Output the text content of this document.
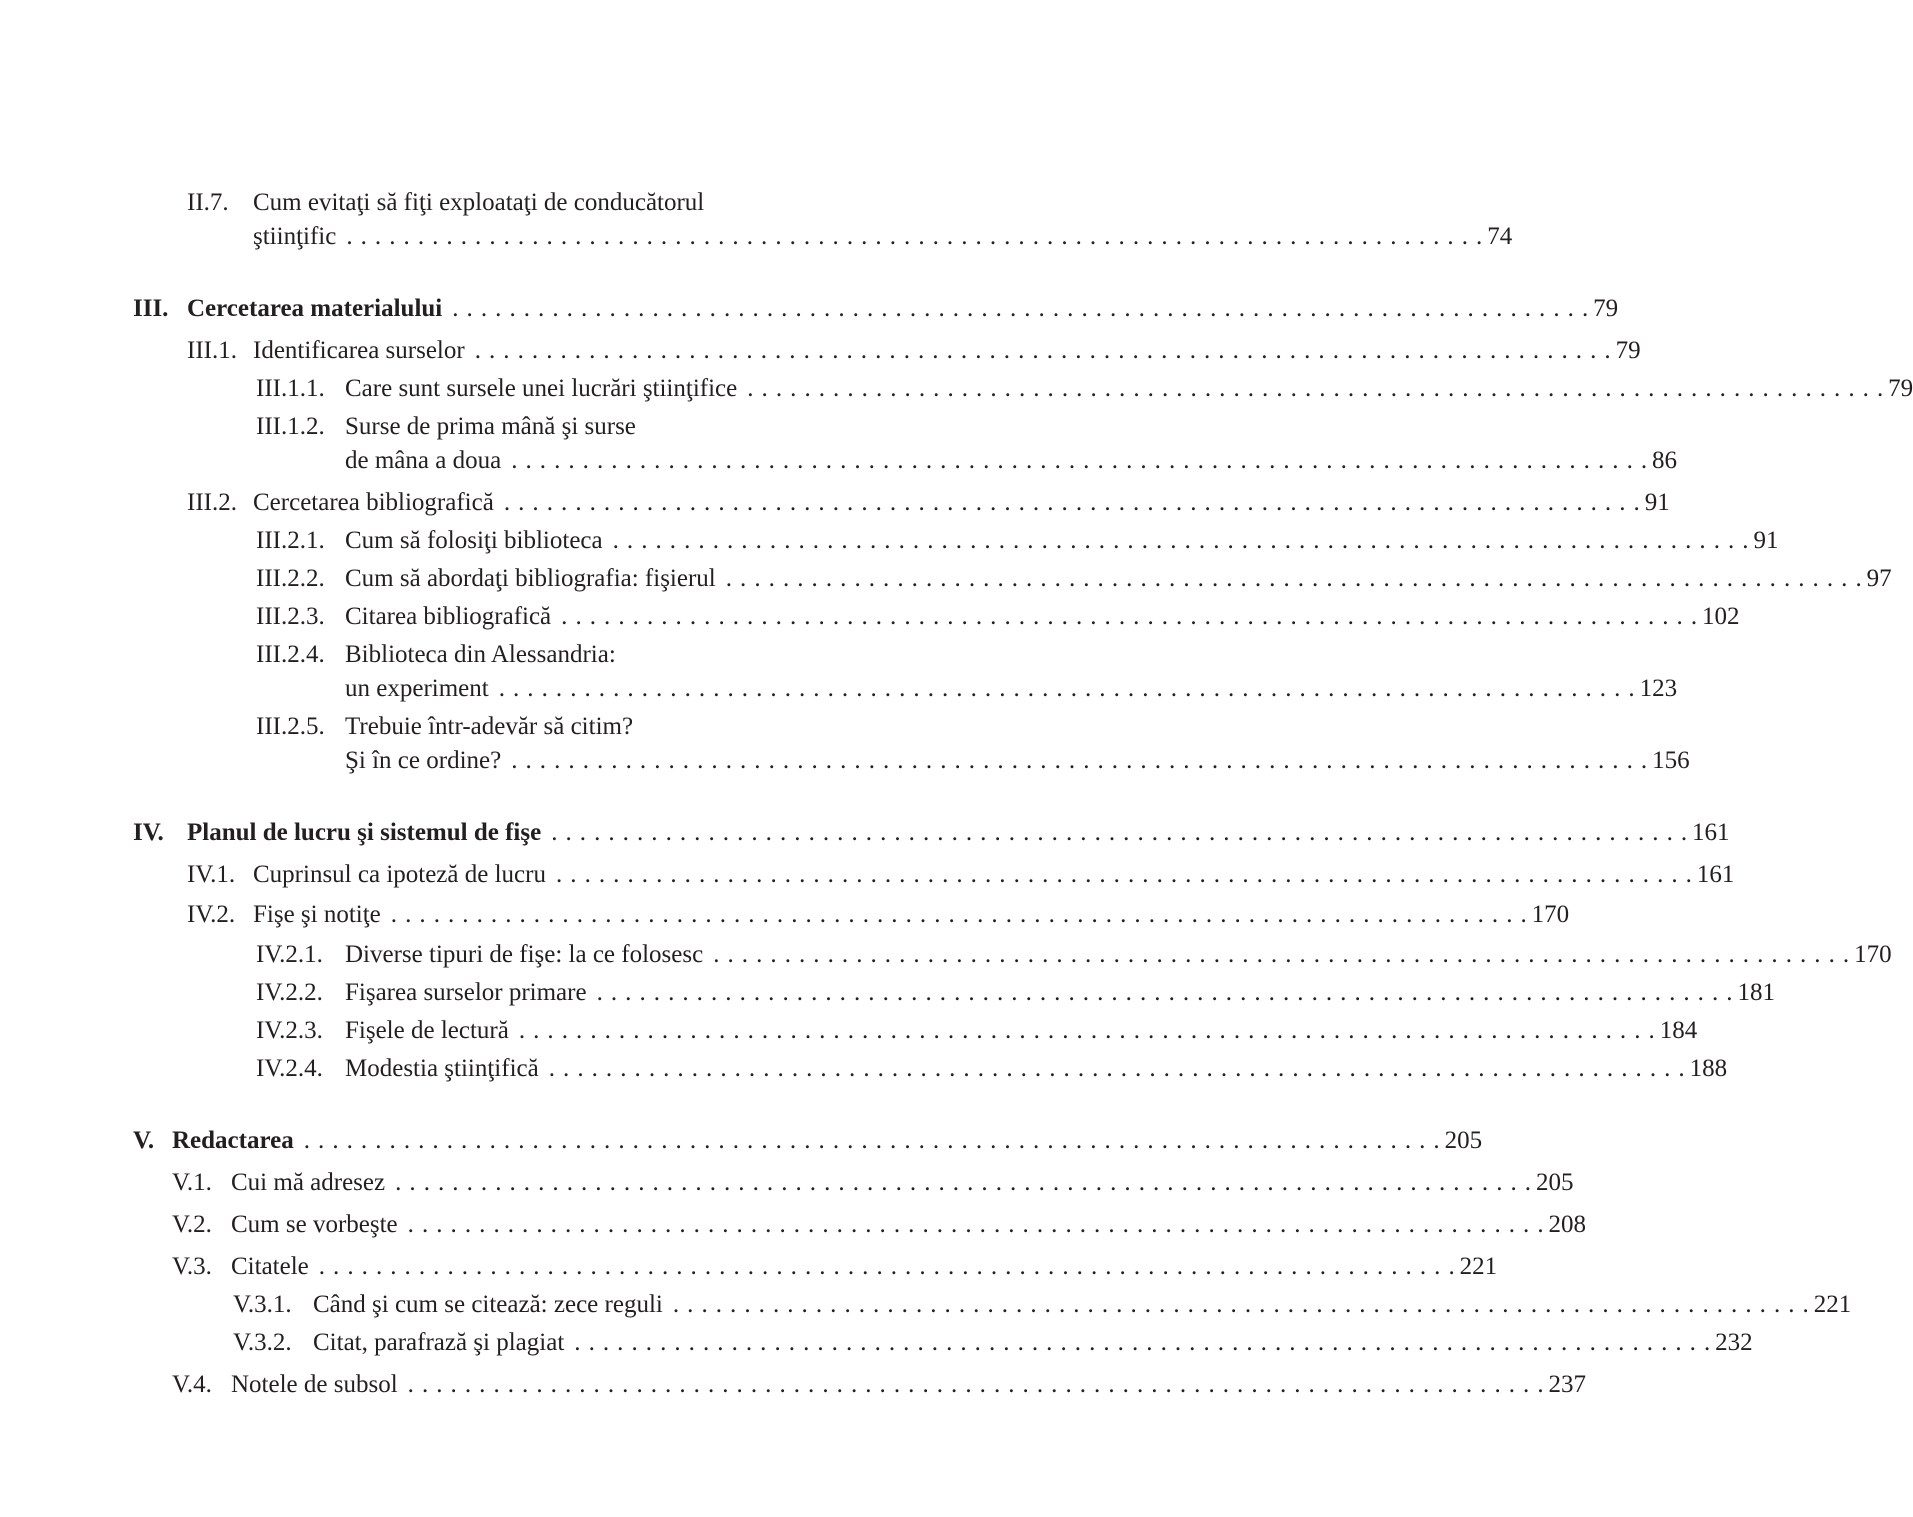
II.7. Cum evitaţi să fiţi exploataţi de conducătorul
ştiinţific . . . . . . . . . . . . . . . . . . . . . . . . . . . . . . . . . . . . . . . . . . . . . . . . . . . . . . . . . . . . . . . . . . . . . . . . . . . . . . . . 74
III. Cercetarea materialului . . . . . . . . . . . . . . . . . . . . . . . . . . . . . . . . . . . . . . . . . . . . . . . . . . . . . . . . . . . . . . . . . . . . . . . . . . . . . . . . 79
III.1. Identificarea surselor . . . . . . . . . . . . . . . . . . . . . . . . . . . . . . . . . . . . . . . . . . . . . . . . . . . . . . . . . . . . . . . . . . . . . . . . . . . . . . . . 79
III.1.1. Care sunt sursele unei lucrări ştiinţifice . . . . . . . . . . . . . . . . . . . . . . . . . . . . . . . . . . . . . . . . . . . . . . . . . . . . . . . . . . . . . . . . . . . . . . . . . . . . . . . . 79
III.1.2. Surse de prima mână şi surse
de mâna a doua . . . . . . . . . . . . . . . . . . . . . . . . . . . . . . . . . . . . . . . . . . . . . . . . . . . . . . . . . . . . . . . . . . . . . . . . . . . . . . . . 86
III.2. Cercetarea bibliografică . . . . . . . . . . . . . . . . . . . . . . . . . . . . . . . . . . . . . . . . . . . . . . . . . . . . . . . . . . . . . . . . . . . . . . . . . . . . . . . . 91
III.2.1. Cum să folosiţi biblioteca . . . . . . . . . . . . . . . . . . . . . . . . . . . . . . . . . . . . . . . . . . . . . . . . . . . . . . . . . . . . . . . . . . . . . . . . . . . . . . . . 91
III.2.2. Cum să abordaţi bibliografia: fişierul . . . . . . . . . . . . . . . . . . . . . . . . . . . . . . . . . . . . . . . . . . . . . . . . . . . . . . . . . . . . . . . . . . . . . . . . . . . . . . . . 97
III.2.3. Citarea bibliografică . . . . . . . . . . . . . . . . . . . . . . . . . . . . . . . . . . . . . . . . . . . . . . . . . . . . . . . . . . . . . . . . . . . . . . . . . . . . . . . . 102
III.2.4. Biblioteca din Alessandria:
un experiment . . . . . . . . . . . . . . . . . . . . . . . . . . . . . . . . . . . . . . . . . . . . . . . . . . . . . . . . . . . . . . . . . . . . . . . . . . . . . . . . 123
III.2.5. Trebuie într-adevăr să citim?
Şi în ce ordine? . . . . . . . . . . . . . . . . . . . . . . . . . . . . . . . . . . . . . . . . . . . . . . . . . . . . . . . . . . . . . . . . . . . . . . . . . . . . . . . . 156
IV. Planul de lucru şi sistemul de fişe . . . . . . . . . . . . . . . . . . . . . . . . . . . . . . . . . . . . . . . . . . . . . . . . . . . . . . . . . . . . . . . . . . . . . . . . . . . . . . . . 161
IV.1. Cuprinsul ca ipoteză de lucru . . . . . . . . . . . . . . . . . . . . . . . . . . . . . . . . . . . . . . . . . . . . . . . . . . . . . . . . . . . . . . . . . . . . . . . . . . . . . . . . 161
IV.2. Fişe şi notiţe . . . . . . . . . . . . . . . . . . . . . . . . . . . . . . . . . . . . . . . . . . . . . . . . . . . . . . . . . . . . . . . . . . . . . . . . . . . . . . . . 170
IV.2.1. Diverse tipuri de fişe: la ce folosesc . . . . . . . . . . . . . . . . . . . . . . . . . . . . . . . . . . . . . . . . . . . . . . . . . . . . . . . . . . . . . . . . . . . . . . . . . . . . . . . . 170
IV.2.2. Fişarea surselor primare . . . . . . . . . . . . . . . . . . . . . . . . . . . . . . . . . . . . . . . . . . . . . . . . . . . . . . . . . . . . . . . . . . . . . . . . . . . . . . . . 181
IV.2.3. Fişele de lectură . . . . . . . . . . . . . . . . . . . . . . . . . . . . . . . . . . . . . . . . . . . . . . . . . . . . . . . . . . . . . . . . . . . . . . . . . . . . . . . . 184
IV.2.4. Modestia ştiinţifică . . . . . . . . . . . . . . . . . . . . . . . . . . . . . . . . . . . . . . . . . . . . . . . . . . . . . . . . . . . . . . . . . . . . . . . . . . . . . . . . 188
V. Redactarea . . . . . . . . . . . . . . . . . . . . . . . . . . . . . . . . . . . . . . . . . . . . . . . . . . . . . . . . . . . . . . . . . . . . . . . . . . . . . . . . 205
V.1. Cui mă adresez . . . . . . . . . . . . . . . . . . . . . . . . . . . . . . . . . . . . . . . . . . . . . . . . . . . . . . . . . . . . . . . . . . . . . . . . . . . . . . . . 205
V.2. Cum se vorbeşte . . . . . . . . . . . . . . . . . . . . . . . . . . . . . . . . . . . . . . . . . . . . . . . . . . . . . . . . . . . . . . . . . . . . . . . . . . . . . . . . 208
V.3. Citatele . . . . . . . . . . . . . . . . . . . . . . . . . . . . . . . . . . . . . . . . . . . . . . . . . . . . . . . . . . . . . . . . . . . . . . . . . . . . . . . . 221
V.3.1. Când şi cum se citează: zece reguli . . . . . . . . . . . . . . . . . . . . . . . . . . . . . . . . . . . . . . . . . . . . . . . . . . . . . . . . . . . . . . . . . . . . . . . . . . . . . . . . 221
V.3.2. Citat, parafrază şi plagiat . . . . . . . . . . . . . . . . . . . . . . . . . . . . . . . . . . . . . . . . . . . . . . . . . . . . . . . . . . . . . . . . . . . . . . . . . . . . . . . . 232
V.4. Notele de subsol . . . . . . . . . . . . . . . . . . . . . . . . . . . . . . . . . . . . . . . . . . . . . . . . . . . . . . . . . . . . . . . . . . . . . . . . . . . . . . . . 237
